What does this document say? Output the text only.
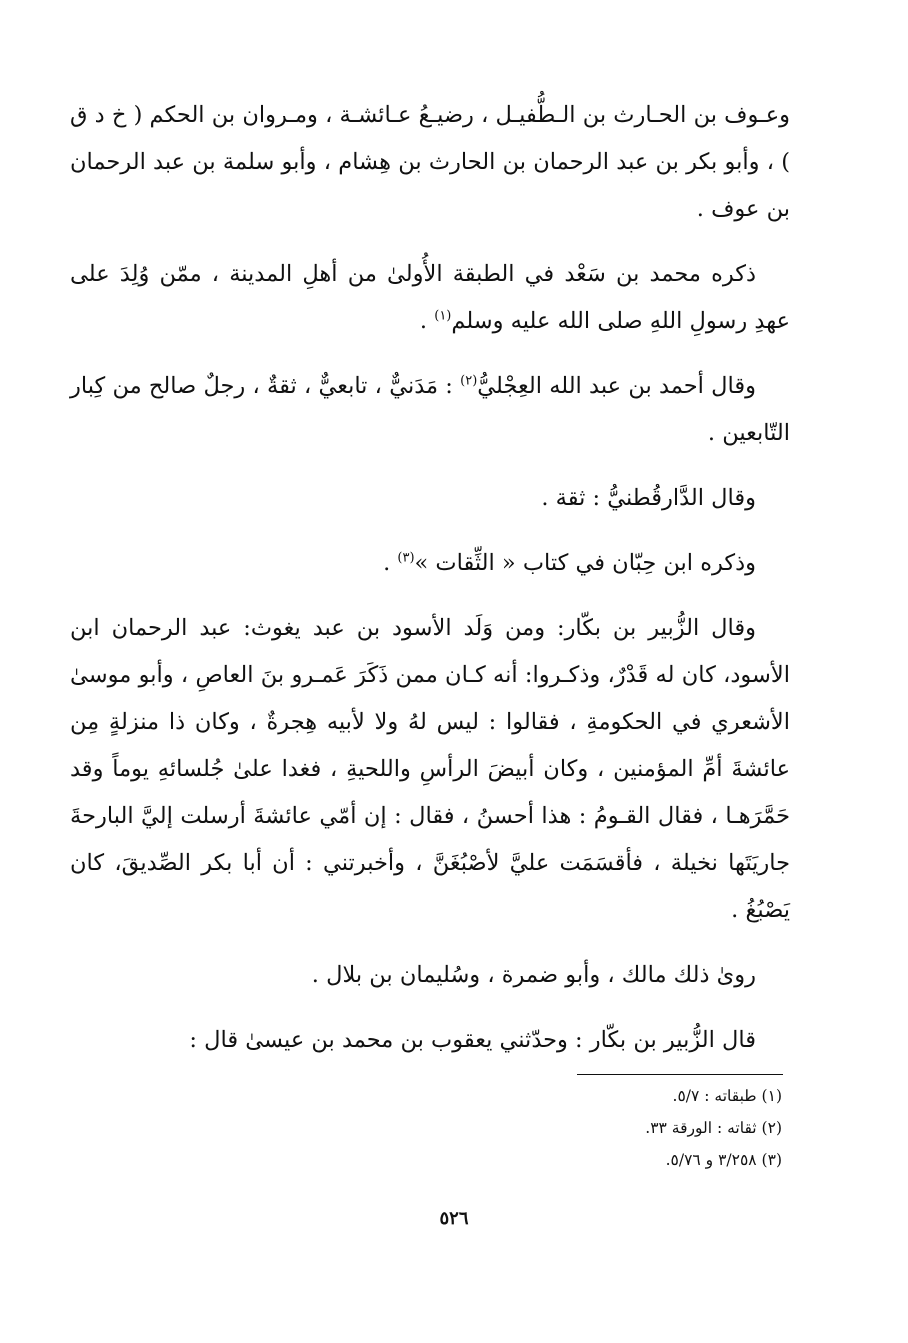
وعـوف بن الحـارث بن الـطُّفيـل ، رضيـعُ عـائشـة ، ومـروان بن الحكم ( خ د ق ) ، وأبو بكر بن عبد الرحمان بن الحارث بن هِشام ، وأبو سلمة بن عبد الرحمان بن عوف .

ذكره محمد بن سَعْد في الطبقة الأُولىٰ من أهلِ المدينة ، ممّن وُلِدَ على عهدِ رسولِ اللهِ صلى الله عليه وسلم$^{(١)}$ .

وقال أحمد بن عبد الله العِجْليُّ$^{(٢)}$ : مَدَنيٌّ ، تابعيٌّ ، ثقةٌ ، رجلٌ صالح من كِبار التّابعين .

وقال الدَّارقُطنيُّ : ثقة .

وذكره ابن حِبّان في كتاب « الثِّقات »$^{(٣)}$ .

وقال الزُّبير بن بكّار: ومن وَلَد الأسود بن عبد يغوث: عبد الرحمان ابن الأسود، كان له قَدْرٌ، وذكـروا: أنه كـان ممن ذَكَرَ عَمـرو بنَ العاصِ ، وأبو موسىٰ الأشعري في الحكومةِ ، فقالوا : ليس لهُ ولا لأبيه هِجرةٌ ، وكان ذا منزلةٍ مِن عائشةَ أمِّ المؤمنين ، وكان أبيضَ الرأسِ واللحيةِ ، فغدا علىٰ جُلسائهِ يوماً وقد حَمَّرَهـا ، فقال القـومُ : هذا أحسنُ ، فقال : إن أمّي عائشةَ أرسلت إليَّ البارحةَ جاريَتَها نخيلة ، فأقسَمَت عليَّ لأصْبُغَنَّ ، وأخبرتني : أن أبا بكر الصِّديقَ، كان يَصْبُغُ .

روىٰ ذلك مالك ، وأبو ضمرة ، وسُليمان بن بلال .

قال الزُّبير بن بكّار : وحدّثني يعقوب بن محمد بن عيسىٰ قال :

(١) طبقاته : ٥/٧.
(٢) ثقاته : الورقة ٣٣.
(٣) ٣/٢٥٨ و ٥/٧٦.
٥٢٦
